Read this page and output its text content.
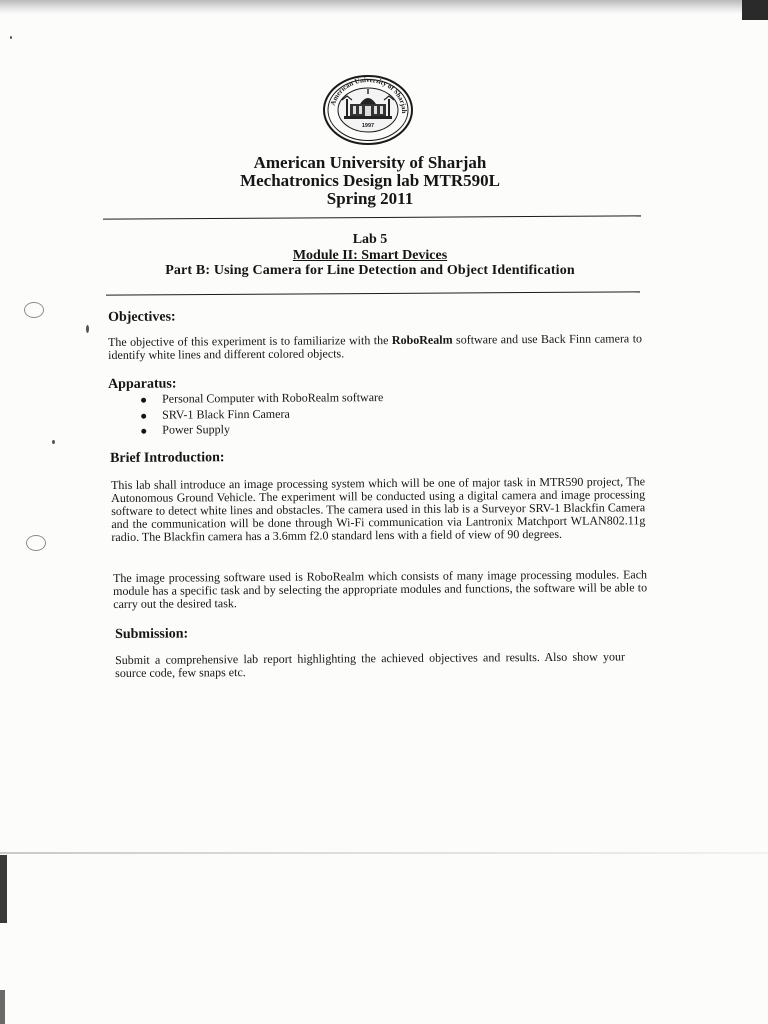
American University of Sharjah
1997
American University of Sharjah
Mechatronics Design lab MTR590L
Spring 2011
Lab 5
Module II: Smart Devices
Part B: Using Camera for Line Detection and Object Identification
Objectives:

The objective of this experiment is to familiarize with the RoboRealm software and use Back Finn camera to identify white lines and different colored objects.

Apparatus:
Personal Computer with RoboRealm software
SRV-1 Black Finn Camera
Power Supply
Brief Introduction:

This lab shall introduce an image processing system which will be one of major task in MTR590 project, The Autonomous Ground Vehicle. The experiment will be conducted using a digital camera and image processing software to detect white lines and obstacles. The camera used in this lab is a Surveyor SRV-1 Blackfin Camera and the communication will be done through Wi-Fi communication via Lantronix Matchport WLAN802.11g radio. The Blackfin camera has a 3.6mm f2.0 standard lens with a field of view of 90 degrees.

The image processing software used is RoboRealm which consists of many image processing modules. Each module has a specific task and by selecting the appropriate modules and functions, the software will be able to carry out the desired task.

Submission:

Submit a comprehensive lab report highlighting the achieved objectives and results. Also show your source code, few snaps etc.
